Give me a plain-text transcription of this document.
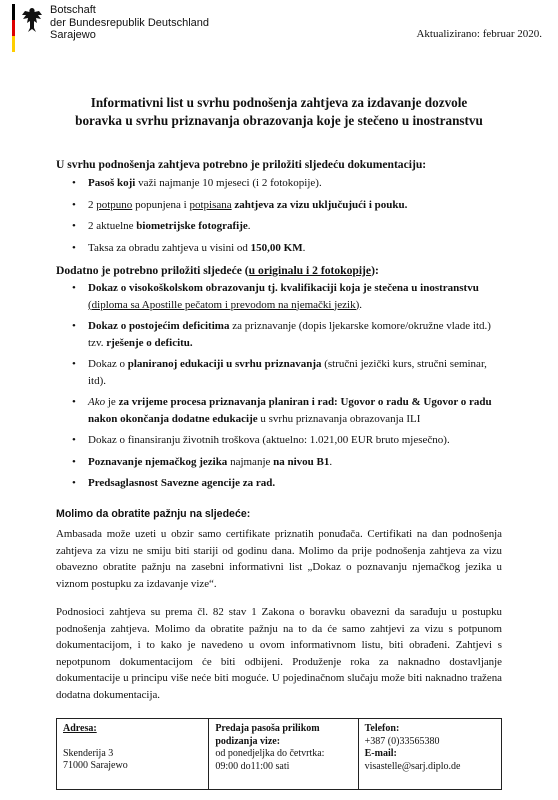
Botschaft
der Bundesrepublik Deutschland
Sarajewo	Aktualizirano: februar 2020.
Informativni list u svrhu podnošenja zahtjeva za izdavanje dozvole
boravka u svrhu priznavanja obrazovanja koje je stečeno u inostranstvu
U svrhu podnošenja zahtjeva potrebno je priložiti sljedeću dokumentaciju:
• Pasoš koji važi najmanje 10 mjeseci (i 2 fotokopije).
• 2 potpuno popunjena i potpisana zahtjeva za vizu uključujući i pouku.
• 2 aktuelne biometrijske fotografije.
• Taksa za obradu zahtjeva u visini od 150,00 KM.
Dodatno je potrebno priložiti sljedeće (u originalu i 2 fotokopije):
• Dokaz o visokoškolskom obrazovanju tj. kvalifikaciji koja je stečena u inostranstvu (diploma sa Apostille pečatom i prevodom na njemački jezik).
• Dokaz o postojećim deficitima za priznavanje (dopis ljekarske komore/okružne vlade itd.) tzv. rješenje o deficitu.
• Dokaz o planiranoj edukaciji u svrhu priznavanja (stručni jezički kurs, stručni seminar, itd).
• Ako je za vrijeme procesa priznavanja planiran i rad: Ugovor o radu & Ugovor o radu nakon okončanja dodatne edukacije u svrhu priznavanja obrazovanja ILI
• Dokaz o finansiranju životnih troškova (aktuelno: 1.021,00 EUR bruto mjesečno).
• Poznavanje njemačkog jezika najmanje na nivou B1.
• Predsaglasnost Savezne agencije za rad.
Molimo da obratite pažnju na sljedeće:

Ambasada može uzeti u obzir samo certifikate priznatih ponuđača. Certifikati na dan podnošenja zahtjeva za vizu ne smiju biti stariji od godinu dana. Molimo da prije podnošenja zahtjeva za vizu obavezno obratite pažnju na zasebni informativni list „Dokaz o poznavanju njemačkog jezika u viznom postupku za izdavanje vize“.

Podnosioci zahtjeva su prema čl. 82 stav 1 Zakona o boravku obavezni da sarađuju u postupku podnošenja zahtjeva. Molimo da obratite pažnju na to da će samo zahtjevi za vizu s potpunom dokumentacijom, i to kako je navedeno u ovom informativnom listu, biti obrađeni. Zahtjevi s nepotpunom dokumentacijom će biti odbijeni. Produženje roka za naknadno dostavljanje dokumentacije u principu više neće biti moguće. U pojedinačnom slučaju može biti naknadno tražena dodatna dokumentacija.

Adresa:
Skenderija 3
71000 Sarajewo
Predaja pasoša prilikom
podizanja vize:
od ponedjeljka do četvrtka:
09:00 do11:00 sati
Telefon:
+387 (0)33565380
E-mail:
visastelle@sarj.diplo.de
